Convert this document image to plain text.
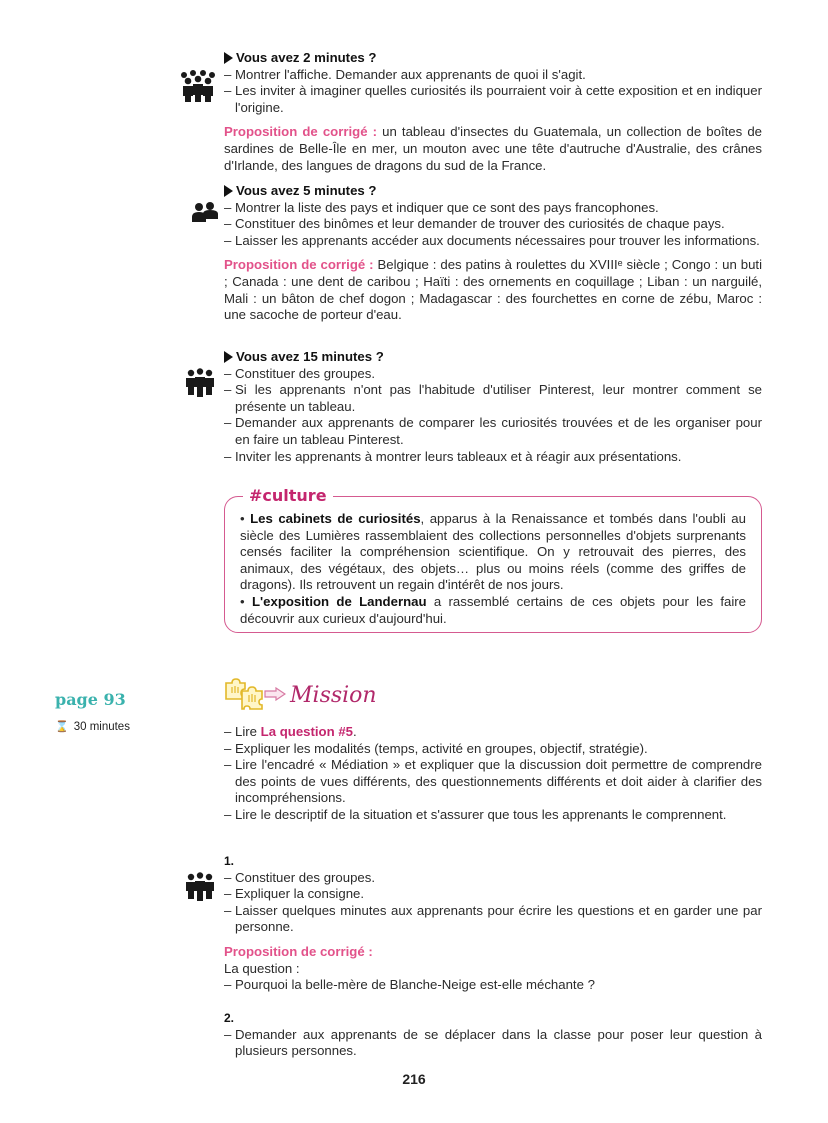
Vous avez 2 minutes ?
– Montrer l'affiche. Demander aux apprenants de quoi il s'agit.
– Les inviter à imaginer quelles curiosités ils pourraient voir à cette exposition et en indiquer l'origine.

Proposition de corrigé : un tableau d'insectes du Guatemala, un collection de boîtes de sardines de Belle-Île en mer, un mouton avec une tête d'autruche d'Australie, des crânes d'Irlande, des langues de dragons du sud de la France.

Vous avez 5 minutes ?
– Montrer la liste des pays et indiquer que ce sont des pays francophones.
– Constituer des binômes et leur demander de trouver des curiosités de chaque pays.
– Laisser les apprenants accéder aux documents nécessaires pour trouver les informations.

Proposition de corrigé : Belgique : des patins à roulettes du XVIIIᵉ siècle ; Congo : un buti ; Canada : une dent de caribou ; Haïti : des ornements en coquillage ; Liban : un narguilé, Mali : un bâton de chef dogon ; Madagascar : des fourchettes en corne de zébu, Maroc : une sacoche de porteur d'eau.

Vous avez 15 minutes ?
– Constituer des groupes.
– Si les apprenants n'ont pas l'habitude d'utiliser Pinterest, leur montrer comment se présente un tableau.
– Demander aux apprenants de comparer les curiosités trouvées et de les organiser pour en faire un tableau Pinterest.
– Inviter les apprenants à montrer leurs tableaux et à réagir aux présentations.
#culture

• Les cabinets de curiosités, apparus à la Renaissance et tombés dans l'oubli au siècle des Lumières rassemblaient des collections personnelles d'objets surprenants censés faciliter la compréhension scientifique. On y retrouvait des pierres, des animaux, des végétaux, des objets… plus ou moins réels (comme des griffes de dragons). Ils retrouvent un regain d'intérêt de nos jours.

• L'exposition de Landernau a rassemblé certains de ces objets pour les faire découvrir aux curieux d'aujourd'hui.

page 93
⌛ 30 minutes
Mission
– Lire La question #5.
– Expliquer les modalités (temps, activité en groupes, objectif, stratégie).
– Lire l'encadré « Médiation » et expliquer que la discussion doit permettre de comprendre des points de vues différents, des questionnements différents et doit aider à clarifier des incompréhensions.
– Lire le descriptif de la situation et s'assurer que tous les apprenants le comprennent.
1.
– Constituer des groupes.
– Expliquer la consigne.
– Laisser quelques minutes aux apprenants pour écrire les questions et en garder une par personne.

Proposition de corrigé :

La question :

– Pourquoi la belle-mère de Blanche-Neige est-elle méchante ?
2.
– Demander aux apprenants de se déplacer dans la classe pour poser leur question à plusieurs personnes.
216
